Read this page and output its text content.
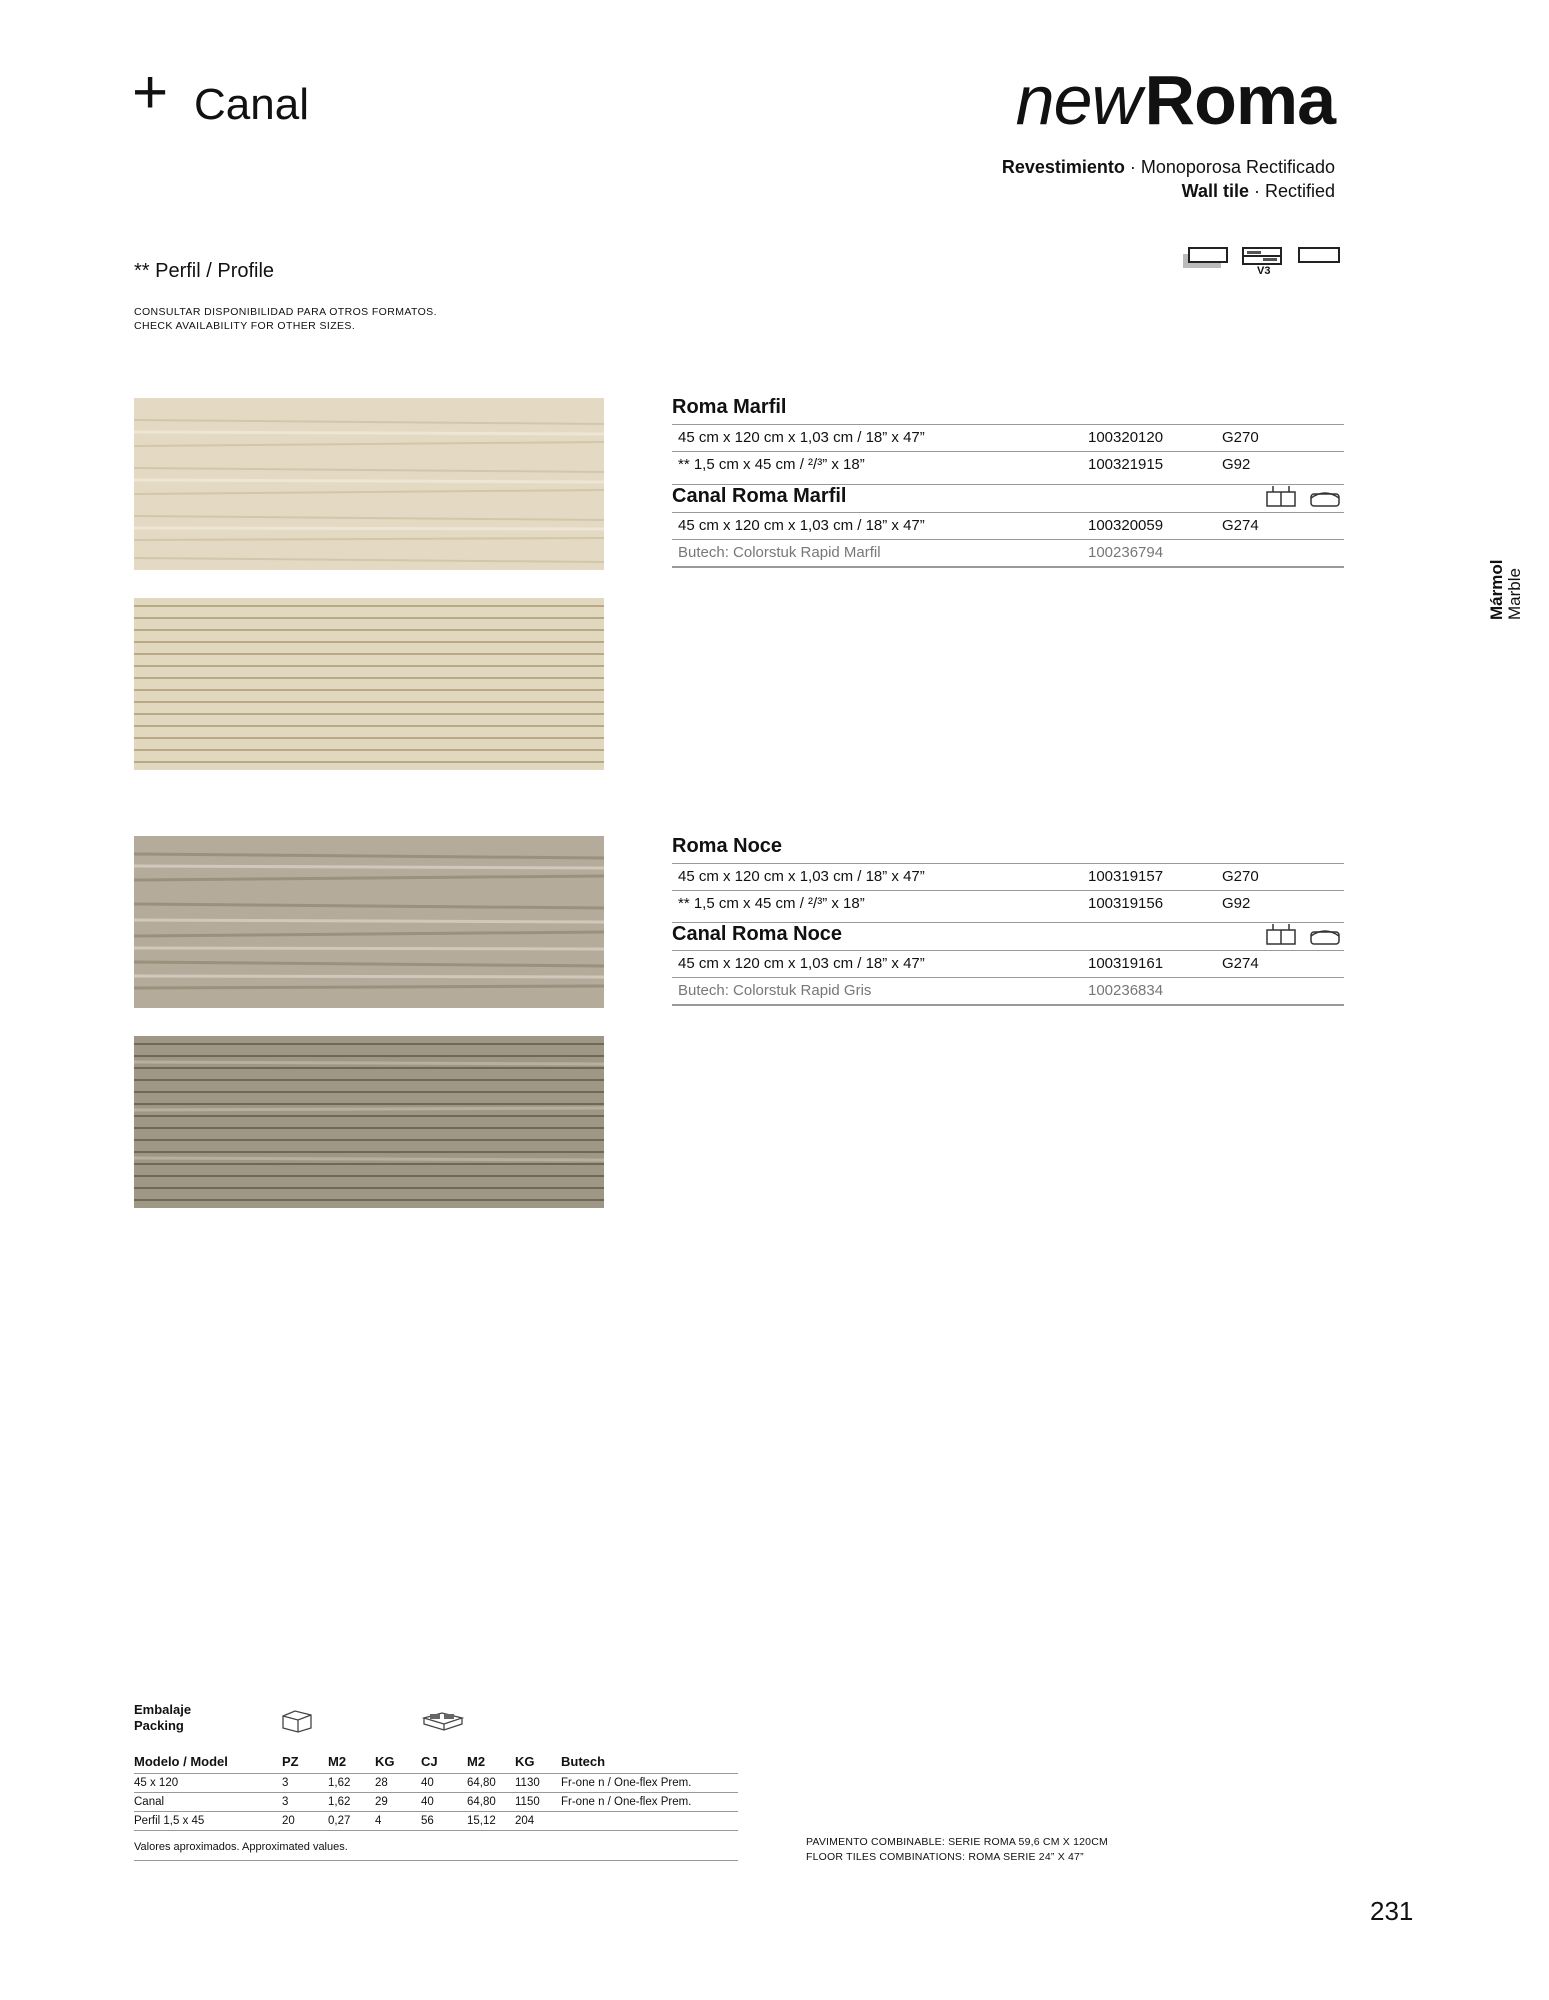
+ Canal	new Roma
Revestimiento · Monoporosa Rectificado
Wall tile · Rectified
V3
** Perfil / Profile
CONSULTAR DISPONIBILIDAD PARA OTROS FORMATOS.
CHECK AVAILABILITY FOR OTHER SIZES.
Roma Marfil
45 cm x 120 cm x 1,03 cm / 18” x 47”	100320120	G270
** 1,5 cm x 45 cm / ²/³” x 18”	100321915	G92
Canal Roma Marfil
45 cm x 120 cm x 1,03 cm / 18” x 47”	100320059	G274
Butech: Colorstuk Rapid Marfil	100236794
Roma Noce
45 cm x 120 cm x 1,03 cm / 18” x 47”	100319157	G270
** 1,5 cm x 45 cm / ²/³” x 18”	100319156	G92
Canal Roma Noce
45 cm x 120 cm x 1,03 cm / 18” x 47”	100319161	G274
Butech: Colorstuk Rapid Gris	100236834
Mármol Marble
Embalaje
Packing
Modelo / Model	PZ	M2	KG	CJ	M2	KG	Butech
45 x 120	3	1,62	28	40	64,80	1130	Fr-one n / One-flex Prem.
Canal	3	1,62	29	40	64,80	1150	Fr-one n / One-flex Prem.
Perfil 1,5 x 45	20	0,27	4	56	15,12	204	
Valores aproximados. Approximated values.	PAVIMENTO COMBINABLE: SERIE ROMA 59,6 CM X 120CM
FLOOR TILES COMBINATIONS: ROMA SERIE 24” X 47”
231
